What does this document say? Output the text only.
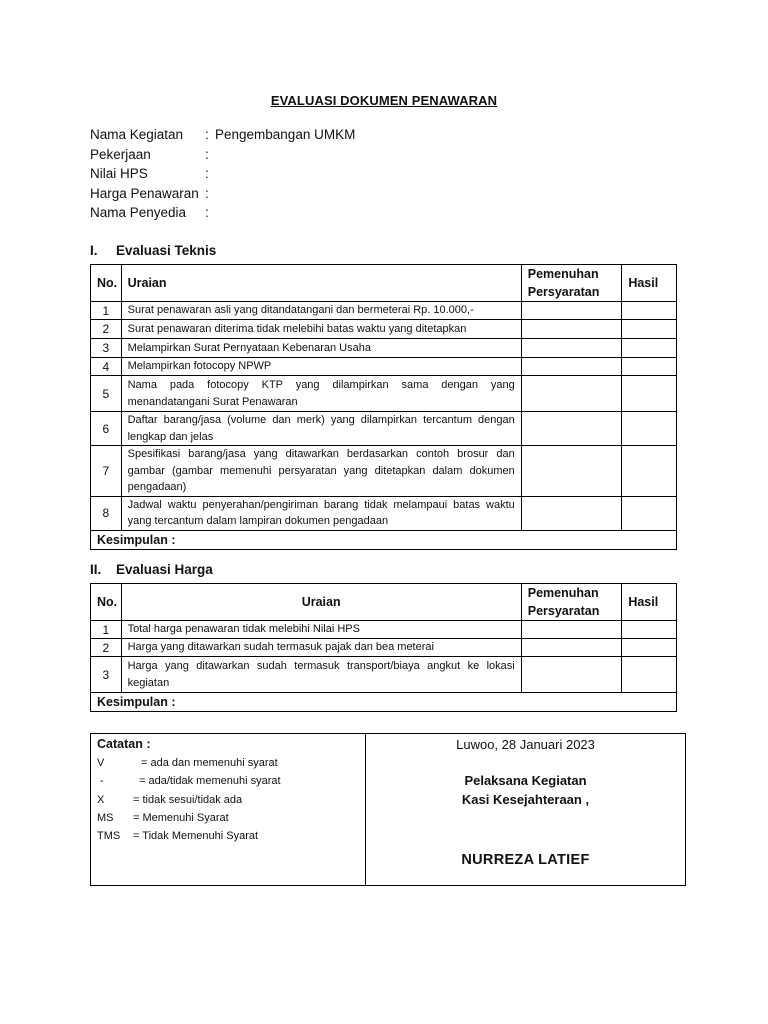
EVALUASI DOKUMEN PENAWARAN
Nama Kegiatan	: Pengembangan UMKM
Pekerjaan	:
Nilai HPS	:
Harga Penawaran :
Nama Penyedia	:
I. Evaluasi Teknis
No.	Uraian	Pemenuhan Persyaratan	Hasil
1	Surat penawaran asli yang ditandatangani dan bermeterai Rp. 10.000,-		
2	Surat penawaran diterima tidak melebihi batas waktu yang ditetapkan		
3	Melampirkan Surat Pernyataan Kebenaran Usaha		
4	Melampirkan fotocopy NPWP		
5	Nama pada fotocopy KTP yang dilampirkan sama dengan yang menandatangani Surat Penawaran		
6	Daftar barang/jasa (volume dan merk) yang dilampirkan tercantum dengan lengkap dan jelas		
7	Spesifikasi barang/jasa yang ditawarkan berdasarkan contoh brosur dan gambar (gambar memenuhi persyaratan yang ditetapkan dalam dokumen pengadaan)		
8	Jadwal waktu penyerahan/pengiriman barang tidak melampaui batas waktu yang tercantum dalam lampiran dokumen pengadaan		
Kesimpulan :			
II. Evaluasi Harga
No.	Uraian	Pemenuhan Persyaratan	Hasil
1	Total harga penawaran tidak melebihi Nilai HPS		
2	Harga yang ditawarkan sudah termasuk pajak dan bea meterai		
3	Harga yang ditawarkan sudah termasuk transport/biaya angkut ke lokasi kegiatan		
Kesimpulan :			
Catatan :
V	= ada dan memenuhi syarat
-	= ada/tidak memenuhi syarat
X	= tidak sesui/tidak ada
MS	= Memenuhi Syarat
TMS	= Tidak Memenuhi Syarat
Luwoo, 28 Januari 2023
Pelaksana Kegiatan
Kasi Kesejahteraan ,
NURREZA LATIEF
